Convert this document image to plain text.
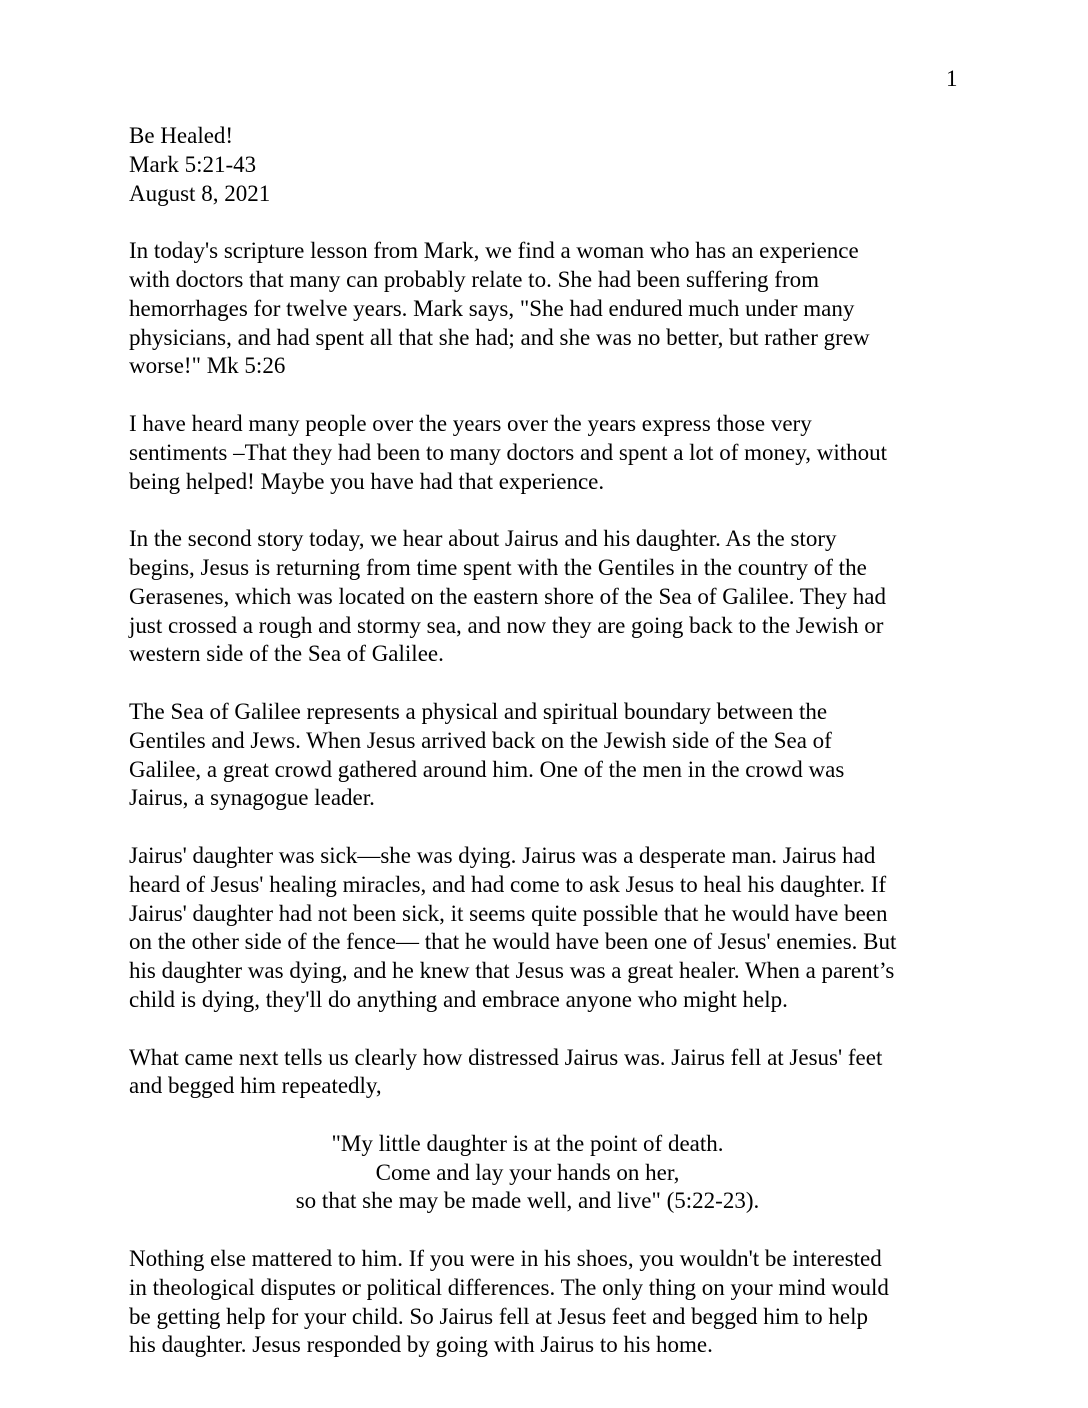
1

Be Healed!

Mark 5:21-43

August 8, 2021

In today's scripture lesson from Mark, we find a woman who has an experience

with doctors that many can probably relate to. She had been suffering from

hemorrhages for twelve years. Mark says, "She had endured much under many

physicians, and had spent all that she had; and she was no better, but rather grew

worse!" Mk 5:26

I have heard many people over the years over the years express those very

sentiments –That they had been to many doctors and spent a lot of money, without

being helped! Maybe you have had that experience.

In the second story today, we hear about Jairus and his daughter. As the story

begins, Jesus is returning from time spent with the Gentiles in the country of the

Gerasenes, which was located on the eastern shore of the Sea of Galilee. They had

just crossed a rough and stormy sea, and now they are going back to the Jewish or

western side of the Sea of Galilee.

The Sea of Galilee represents a physical and spiritual boundary between the

Gentiles and Jews. When Jesus arrived back on the Jewish side of the Sea of

Galilee, a great crowd gathered around him. One of the men in the crowd was

Jairus, a synagogue leader.

Jairus' daughter was sick—she was dying. Jairus was a desperate man. Jairus had

heard of Jesus' healing miracles, and had come to ask Jesus to heal his daughter. If

Jairus' daughter had not been sick, it seems quite possible that he would have been

on the other side of the fence— that he would have been one of Jesus' enemies. But

his daughter was dying, and he knew that Jesus was a great healer. When a parent’s

child is dying, they'll do anything and embrace anyone who might help.

What came next tells us clearly how distressed Jairus was. Jairus fell at Jesus' feet

and begged him repeatedly,

"My little daughter is at the point of death.

Come and lay your hands on her,

so that she may be made well, and live" (5:22-23).

Nothing else mattered to him. If you were in his shoes, you wouldn't be interested

in theological disputes or political differences. The only thing on your mind would

be getting help for your child. So Jairus fell at Jesus feet and begged him to help

his daughter. Jesus responded by going with Jairus to his home.
